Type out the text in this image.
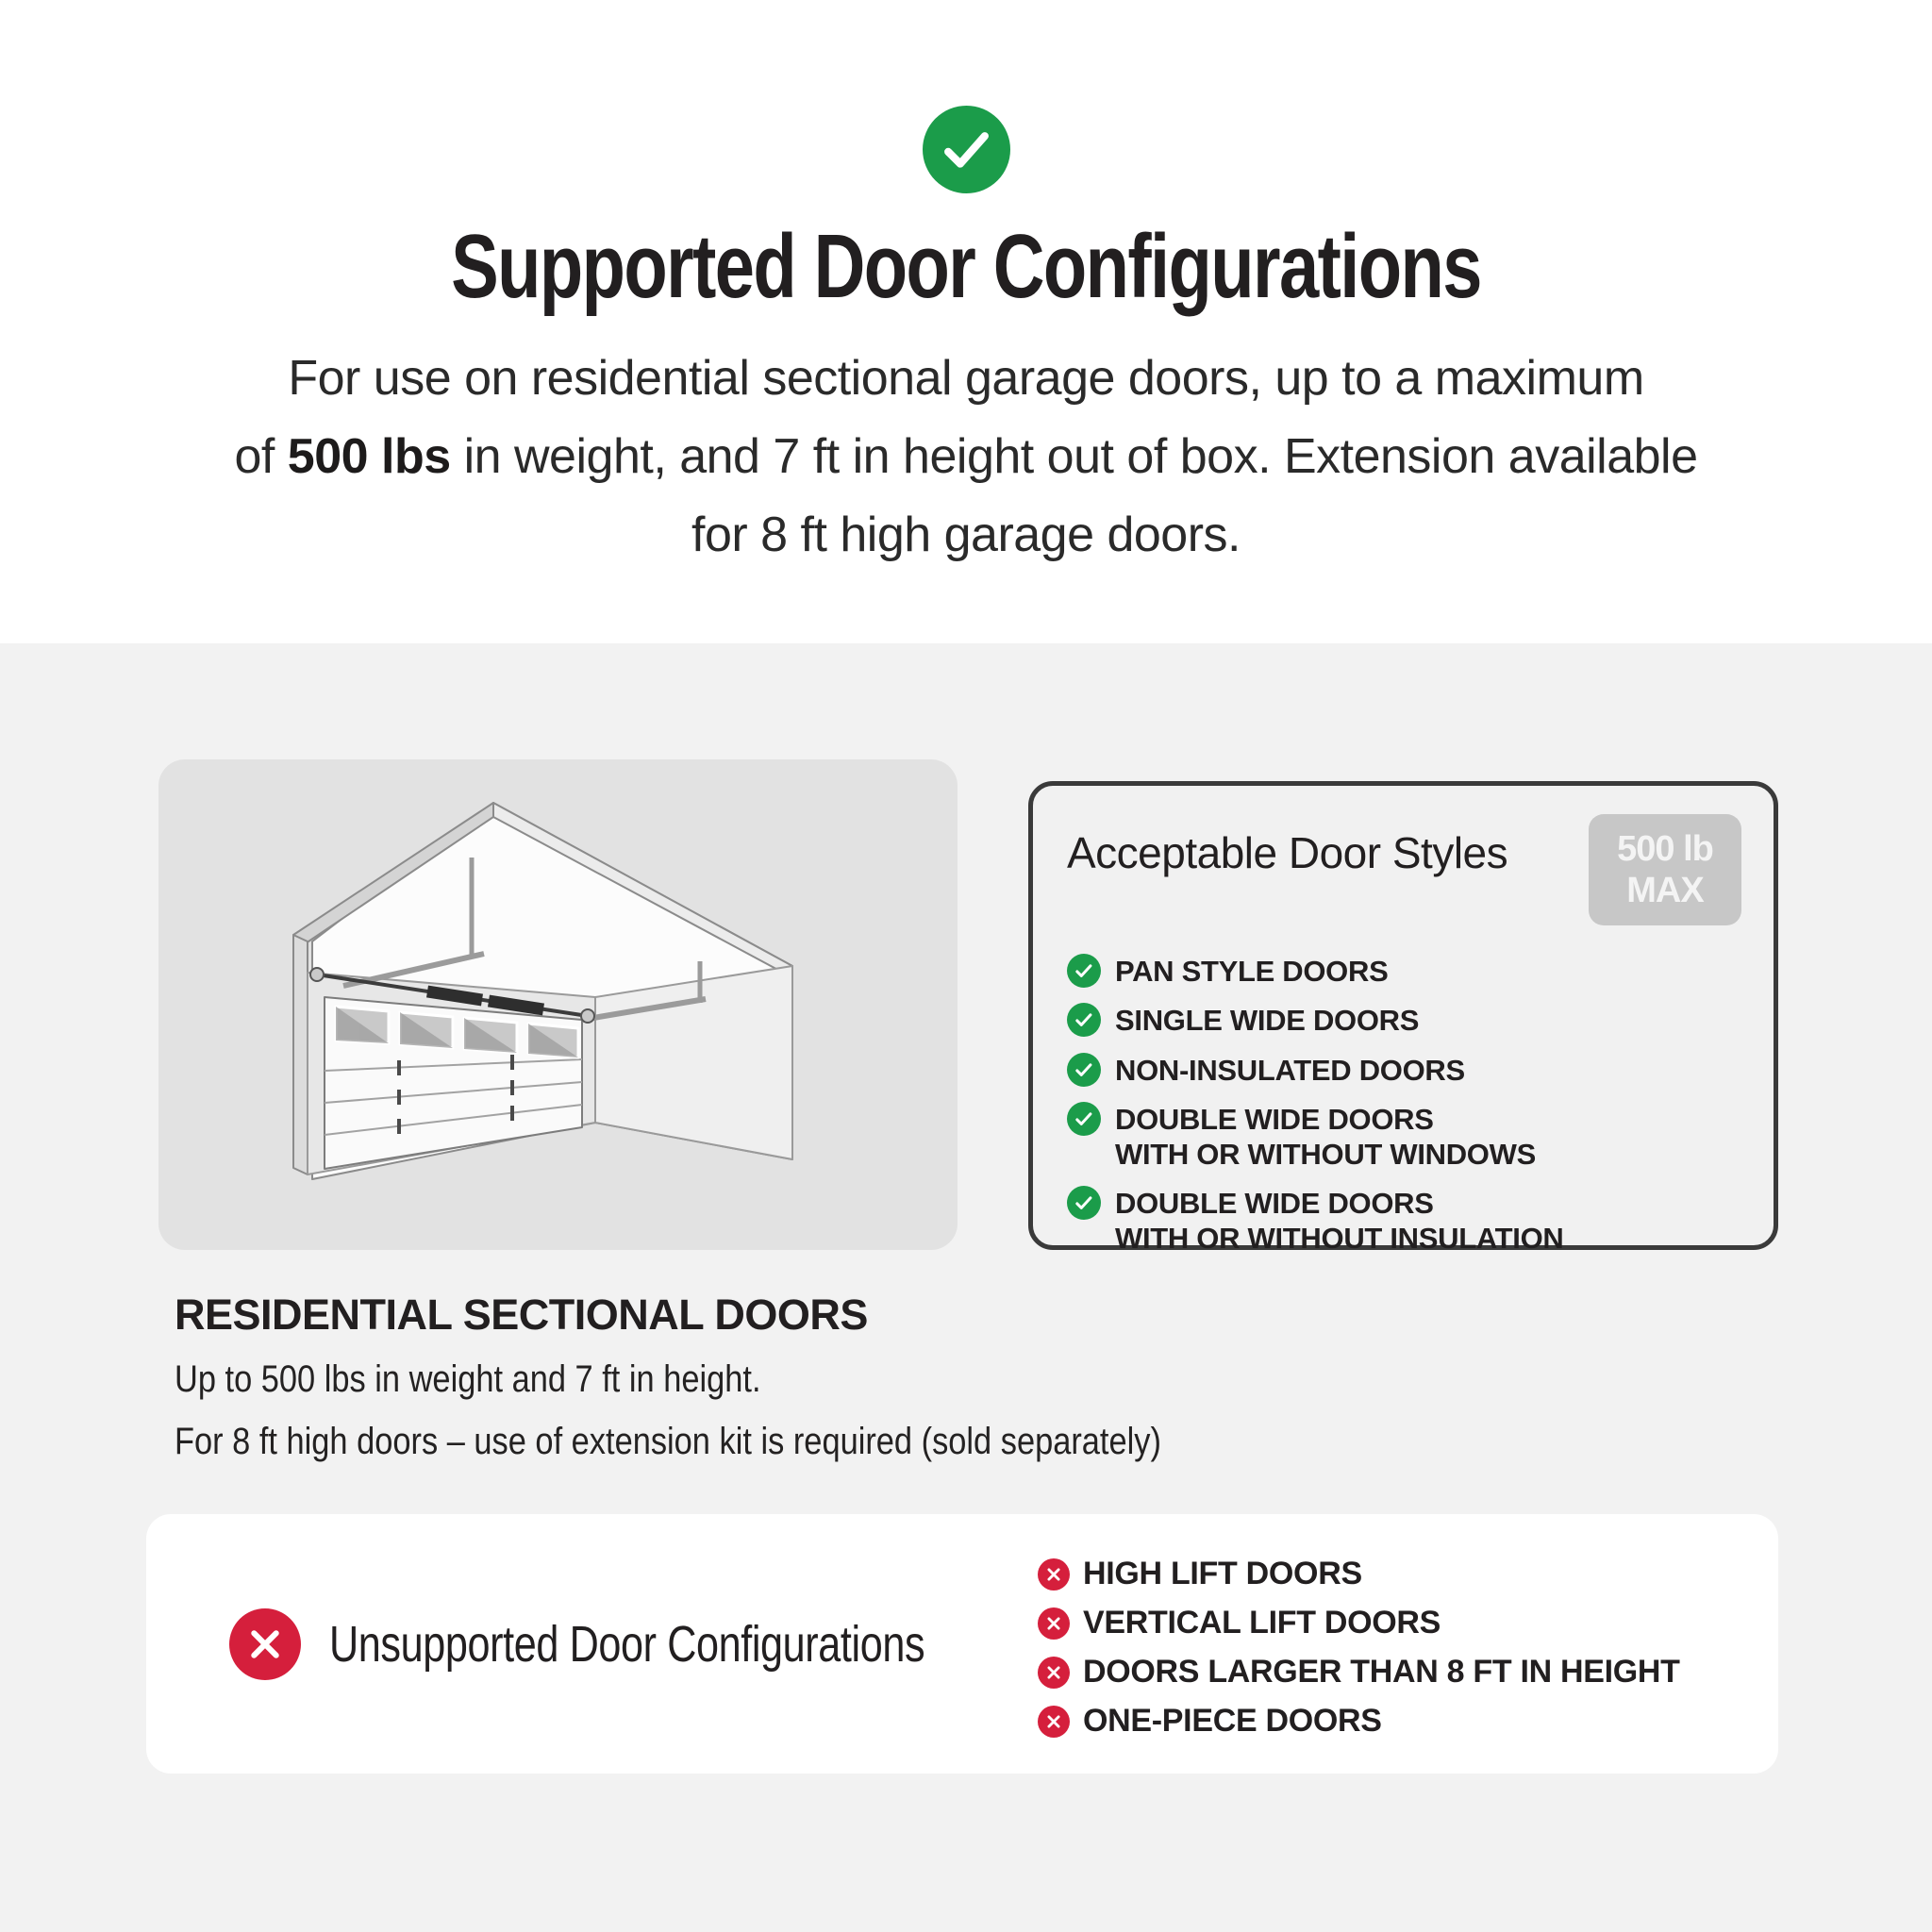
Supported Door Configurations
For use on residential sectional garage doors, up to a maximum
of 500 lbs in weight, and 7 ft in height out of box. Extension available
for 8 ft high garage doors.
Acceptable Door Styles	500 lb
MAX
PAN STYLE DOORS
SINGLE WIDE DOORS
NON-INSULATED DOORS
DOUBLE WIDE DOORS
WITH OR WITHOUT WINDOWS
DOUBLE WIDE DOORS
WITH OR WITHOUT INSULATION
RESIDENTIAL SECTIONAL DOORS
Up to 500 lbs in weight and 7 ft in height.
For 8 ft high doors – use of extension kit is required (sold separately)
Unsupported Door Configurations
HIGH LIFT DOORS
VERTICAL LIFT DOORS
DOORS LARGER THAN 8 FT IN HEIGHT
ONE-PIECE DOORS
